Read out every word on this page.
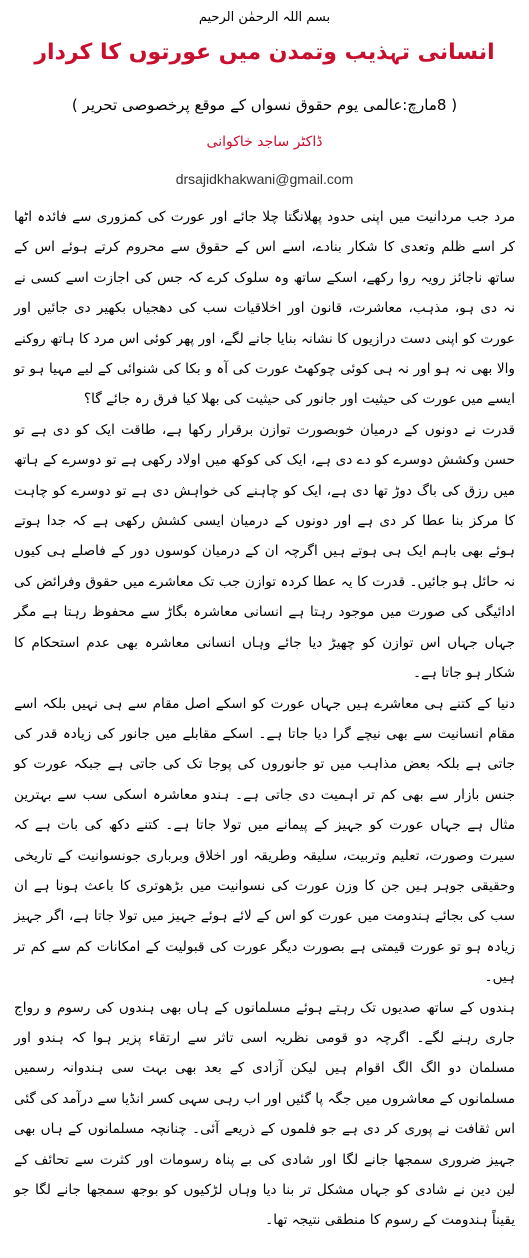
بسم اللہ الرحمٰن الرحیم
انسانی تہذیب وتمدن میں عورتوں کا کردار
( 8مارچ:عالمی یوم حقوق نسواں کے موقع پرخصوصی تحریر )
ڈاکٹر ساجد خاکوانی
drsajidkhakwani@gmail.com

مرد جب مردانیت میں اپنی حدود پھلانگتا چلا جائے اور عورت کی کمزوری سے فائدہ اٹھا کر اسے ظلم وتعدی کا شکار بنادے، اسے اس کے حقوق سے محروم کرتے ہوئے اس کے ساتھ ناجائز رویہ روا رکھے، اسکے ساتھ وہ سلوک کرے کہ جس کی اجازت اسے کسی نے نہ دی ہو، مذہب، معاشرت، قانون اور اخلاقیات سب کی دھجیاں بکھیر دی جائیں اور عورت کو اپنی دست درازیوں کا نشانہ بنایا جانے لگے، اور پھر کوئی اس مرد کا ہاتھ روکنے والا بھی نہ ہو اور نہ ہی کوئی چوکھٹ عورت کی آہ و بکا کی شنوائی کے لیے مہیا ہو تو ایسے میں عورت کی حیثیت اور جانور کی حیثیت کی بھلا کیا فرق رہ جائے گا؟

قدرت نے دونوں کے درمیان خوبصورت توازن برقرار رکھا ہے، طاقت ایک کو دی ہے تو حسن وکشش دوسرے کو دے دی ہے، ایک کی کوکھ میں اولاد رکھی ہے تو دوسرے کے ہاتھ میں رزق کی باگ دوڑ تھا دی ہے، ایک کو چاہنے کی خواہش دی ہے تو دوسرے کو چاہت کا مرکز بنا عطا کر دی ہے اور دونوں کے درمیان ایسی کشش رکھی ہے کہ جدا ہوتے ہوئے بھی باہم ایک ہی ہوتے ہیں اگرچہ ان کے درمیان کوسوں دور کے فاصلے ہی کیوں نہ حائل ہو جائیں۔ قدرت کا یہ عطا کردہ توازن جب تک معاشرے میں حقوق وفرائض کی ادائیگی کی صورت میں موجود رہتا ہے انسانی معاشرہ بگاڑ سے محفوظ رہتا ہے مگر جہاں جہاں اس توازن کو چھیڑ دیا جائے وہاں انسانی معاشرہ بھی عدم استحکام کا شکار ہو جاتا ہے۔

دنیا کے کتنے ہی معاشرے ہیں جہاں عورت کو اسکے اصل مقام سے ہی نہیں بلکہ اسے مقام انسانیت سے بھی نیچے گرا دیا جاتا ہے۔ اسکے مقابلے میں جانور کی زیادہ قدر کی جاتی ہے بلکہ بعض مذاہب میں تو جانوروں کی پوجا تک کی جاتی ہے جبکہ عورت کو جنس بازار سے بھی کم تر اہمیت دی جاتی ہے۔ ہندو معاشرہ اسکی سب سے بہترین مثال ہے جہاں عورت کو جہیز کے پیمانے میں تولا جاتا ہے۔ کتنے دکھ کی بات ہے کہ سیرت وصورت، تعلیم وتربیت، سلیقہ وطریقہ اور اخلاق وبرباری جونسوانیت کے تاریخی وحقیقی جوہر ہیں جن کا وزن عورت کی نسوانیت میں بڑھوتری کا باعث ہونا ہے ان سب کی بجائے ہندومت میں عورت کو اس کے لائے ہوئے جہیز میں تولا جاتا ہے، اگر جہیز زیادہ ہو تو عورت قیمتی ہے بصورت دیگر عورت کی قبولیت کے امکانات کم سے کم تر ہیں۔

ہندوں کے ساتھ صدیوں تک رہتے ہوئے مسلمانوں کے ہاں بھی ہندوں کی رسوم و رواج جاری رہنے لگے۔ اگرچہ دو قومی نظریہ اسی تاثر سے ارتقاء پزیر ہوا کہ ہندو اور مسلمان دو الگ الگ اقوام ہیں لیکن آزادی کے بعد بھی بہت سی ہندوانہ رسمیں مسلمانوں کے معاشروں میں جگہ پا گئیں اور اب رہی سہی کسر انڈیا سے درآمد کی گئی اس ثقافت نے پوری کر دی ہے جو فلموں کے ذریعے آئی۔ چنانچہ مسلمانوں کے ہاں بھی جہیز ضروری سمجھا جانے لگا اور شادی کی بے پناہ رسومات اور کثرت سے تحائف کے لین دین نے شادی کو جہاں مشکل تر بنا دیا وہاں لڑکیوں کو بوجھ سمجھا جانے لگا جو یقیناً ہندومت کے رسوم کا منطقی نتیجہ تھا۔
